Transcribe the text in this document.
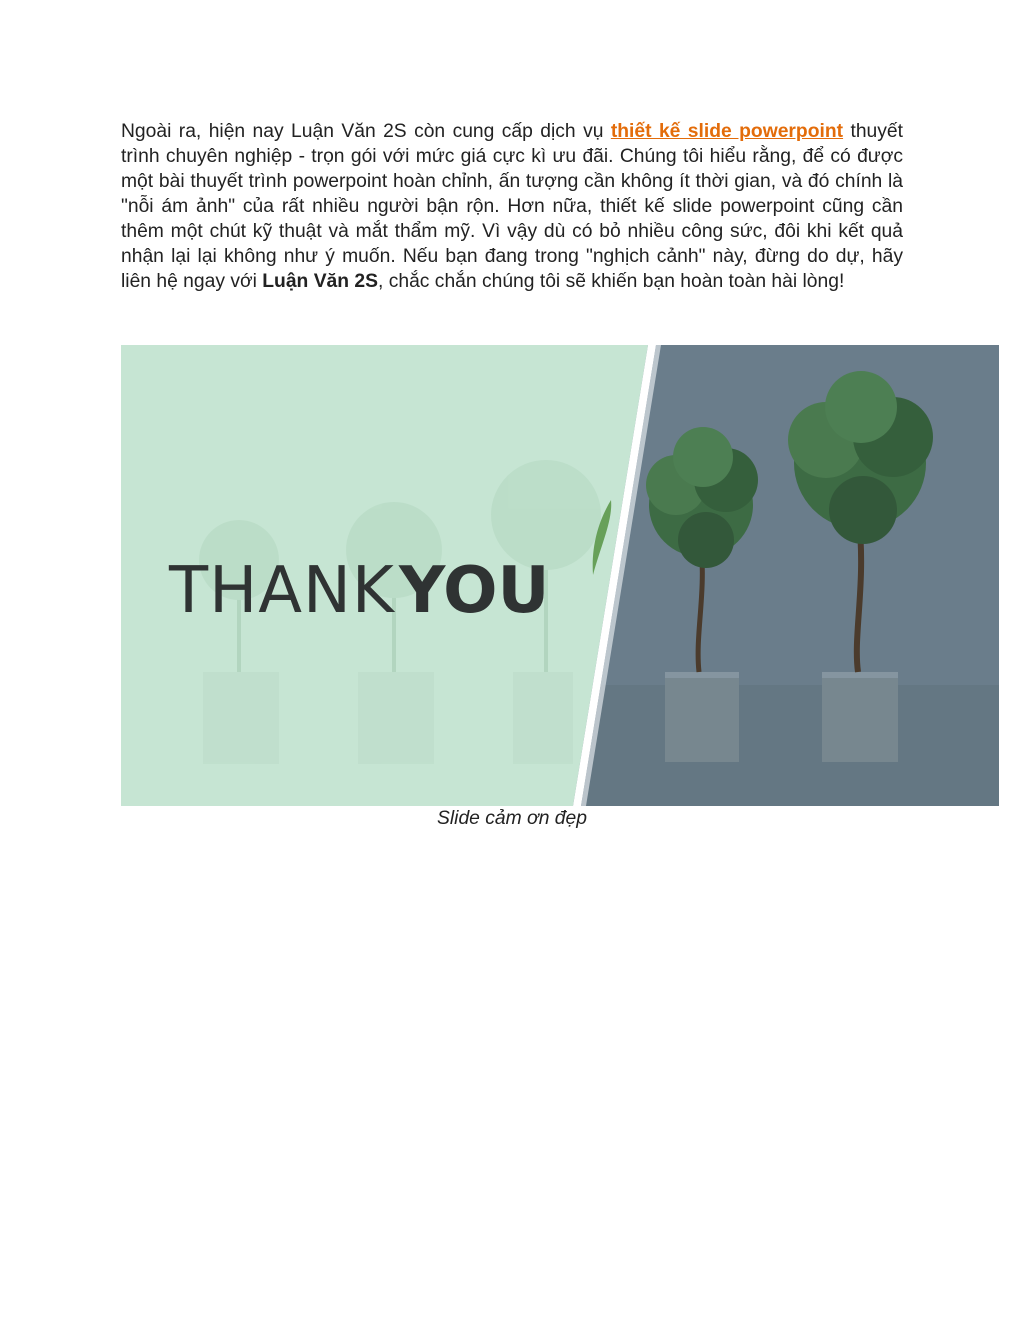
Ngoài ra, hiện nay Luận Văn 2S còn cung cấp dịch vụ thiết kế slide powerpoint thuyết trình chuyên nghiệp - trọn gói với mức giá cực kì ưu đãi. Chúng tôi hiểu rằng, để có được một bài thuyết trình powerpoint hoàn chỉnh, ấn tượng cần không ít thời gian, và đó chính là "nỗi ám ảnh" của rất nhiều người bận rộn. Hơn nữa, thiết kế slide powerpoint cũng cần thêm một chút kỹ thuật và mắt thẩm mỹ. Vì vậy dù có bỏ nhiều công sức, đôi khi kết quả nhận lại lại không như ý muốn. Nếu bạn đang trong "nghịch cảnh" này, đừng do dự, hãy liên hệ ngay với Luận Văn 2S, chắc chắn chúng tôi sẽ khiến bạn hoàn toàn hài lòng!

THANK YOU
Slide cảm ơn đẹp
